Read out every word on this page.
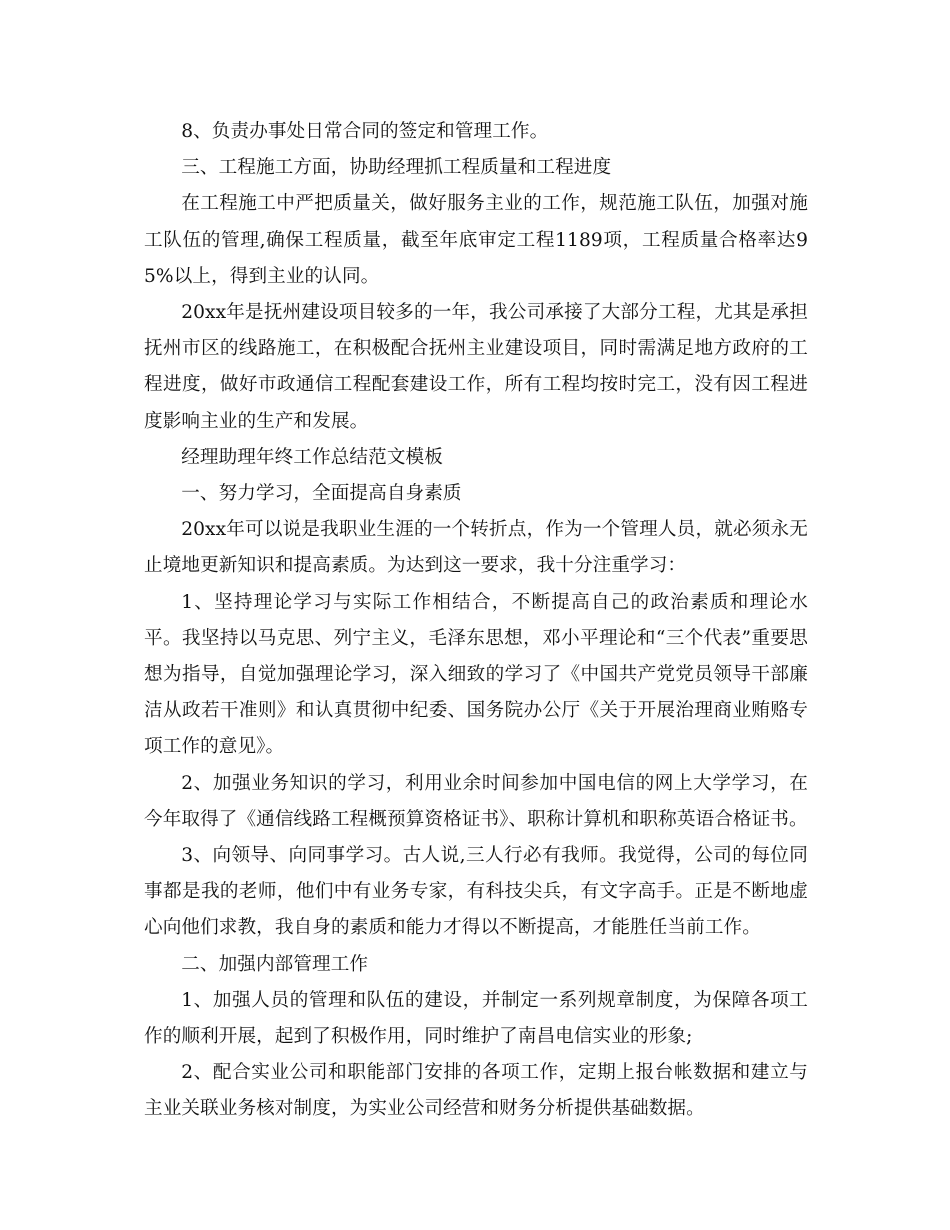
8、负责办事处日常合同的签定和管理工作。

三、工程施工方面，协助经理抓工程质量和工程进度

在工程施工中严把质量关，做好服务主业的工作，规范施工队伍，加强对施工队伍的管理,确保工程质量，截至年底审定工程1189项，工程质量合格率达95%以上，得到主业的认同。

20xx年是抚州建设项目较多的一年，我公司承接了大部分工程，尤其是承担抚州市区的线路施工，在积极配合抚州主业建设项目，同时需满足地方政府的工程进度，做好市政通信工程配套建设工作，所有工程均按时完工，没有因工程进度影响主业的生产和发展。

经理助理年终工作总结范文模板

一、努力学习，全面提高自身素质

20xx年可以说是我职业生涯的一个转折点，作为一个管理人员，就必须永无止境地更新知识和提高素质。为达到这一要求，我十分注重学习：

1、坚持理论学习与实际工作相结合，不断提高自己的政治素质和理论水平。我坚持以马克思、列宁主义，毛泽东思想，邓小平理论和“三个代表”重要思想为指导，自觉加强理论学习，深入细致的学习了《中国共产党党员领导干部廉洁从政若干准则》和认真贯彻中纪委、国务院办公厅《关于开展治理商业贿赂专项工作的意见》。

2、加强业务知识的学习，利用业余时间参加中国电信的网上大学学习，在今年取得了《通信线路工程概预算资格证书》、职称计算机和职称英语合格证书。

3、向领导、向同事学习。古人说,三人行必有我师。我觉得，公司的每位同事都是我的老师，他们中有业务专家，有科技尖兵，有文字高手。正是不断地虚心向他们求教，我自身的素质和能力才得以不断提高，才能胜任当前工作。

二、加强内部管理工作

1、加强人员的管理和队伍的建设，并制定一系列规章制度，为保障各项工作的顺利开展，起到了积极作用，同时维护了南昌电信实业的形象;

2、配合实业公司和职能部门安排的各项工作，定期上报台帐数据和建立与主业关联业务核对制度，为实业公司经营和财务分析提供基础数据。
